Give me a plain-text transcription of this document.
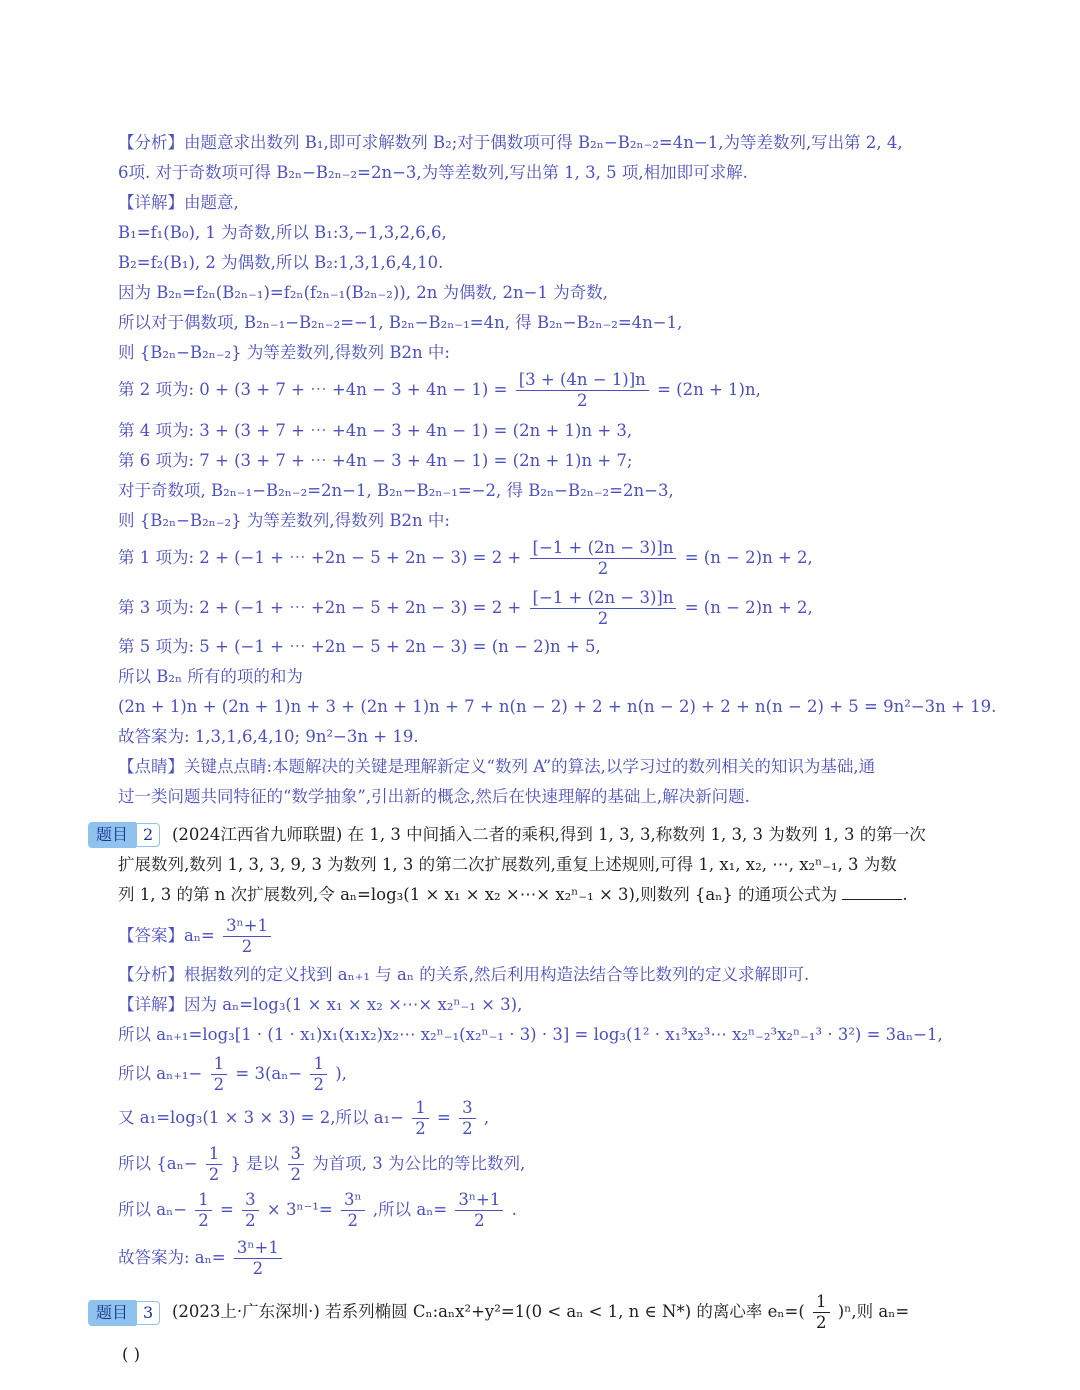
【分析】由题意求出数列 B₁,即可求解数列 B₂;对于偶数项可得 B₂ₙ−B₂ₙ₋₂=4n−1,为等差数列,写出第 2, 4,
6项. 对于奇数项可得 B₂ₙ−B₂ₙ₋₂=2n−3,为等差数列,写出第 1, 3, 5 项,相加即可求解.
【详解】由题意,
B₁=f₁(B₀), 1 为奇数,所以 B₁:3,−1,3,2,6,6,
B₂=f₂(B₁), 2 为偶数,所以 B₂:1,3,1,6,4,10.
因为 B₂ₙ=f₂ₙ(B₂ₙ₋₁)=f₂ₙ(f₂ₙ₋₁(B₂ₙ₋₂)), 2n 为偶数, 2n−1 为奇数,
所以对于偶数项, B₂ₙ₋₁−B₂ₙ₋₂=−1, B₂ₙ−B₂ₙ₋₁=4n, 得 B₂ₙ−B₂ₙ₋₂=4n−1,
则 {B₂ₙ−B₂ₙ₋₂} 为等差数列,得数列 B2n 中:
第 2 项为: 0 + (3 + 7 + ⋯ $+4n - 3 + 4n - 1) = \frac{[3 + (4n - 1)]n}{2} = (2n + 1)n$,
第 4 项为: 3 + (3 + 7 + ⋯ +4n − 3 + 4n − 1) = (2n + 1)n + 3,
第 6 项为: 7 + (3 + 7 + ⋯ +4n − 3 + 4n − 1) = (2n + 1)n + 7;
对于奇数项, B₂ₙ₋₁−B₂ₙ₋₂=2n−1, B₂ₙ−B₂ₙ₋₁=−2, 得 B₂ₙ−B₂ₙ₋₂=2n−3,
则 {B₂ₙ−B₂ₙ₋₂} 为等差数列,得数列 B2n 中:
第 1 项为: 2 + (−1 + ⋯ $+2n - 5 + 2n - 3) = 2 + \frac{[-1 + (2n - 3)]n}{2} = (n - 2)n + 2$,
第 3 项为: 2 + (−1 + ⋯ $+2n - 5 + 2n - 3) = 2 + \frac{[-1 + (2n - 3)]n}{2} = (n - 2)n + 2$,
第 5 项为: 5 + (−1 + ⋯ +2n − 5 + 2n − 3) = (n − 2)n + 5,
所以 B₂ₙ 所有的项的和为
(2n + 1)n + (2n + 1)n + 3 + (2n + 1)n + 7 + n(n − 2) + 2 + n(n − 2) + 2 + n(n − 2) + 5 = 9n²−3n + 19.
故答案为: 1,3,1,6,4,10; 9n²−3n + 19.
【点睛】关键点点睛:本题解决的关键是理解新定义“数列 A”的算法,以学习过的数列相关的知识为基础,通
过一类问题共同特征的“数学抽象”,引出新的概念,然后在快速理解的基础上,解决新问题.
题目 2	(2024江西省九师联盟) 在 1, 3 中间插入二者的乘积,得到 1, 3, 3,称数列 1, 3, 3 为数列 1, 3 的第一次
扩展数列,数列 1, 3, 3, 9, 3 为数列 1, 3 的第二次扩展数列,重复上述规则,可得 1, x₁, x₂, ⋯, x₂ⁿ₋₁, 3 为数
列 1, 3 的第 n 次扩展数列,令 aₙ=log₃(1 × x₁ × x₂ ×⋯× x₂ⁿ₋₁ × 3),则数列 {aₙ} 的通项公式为	.
【答案】$a_n= \frac{\text{3ⁿ+1}}{2}$
【分析】根据数列的定义找到 aₙ₊₁ 与 aₙ 的关系,然后利用构造法结合等比数列的定义求解即可.
【详解】因为 aₙ=log₃(1 × x₁ × x₂ ×⋯× x₂ⁿ₋₁ × 3),
所以 aₙ₊₁=log₃[1 · (1 · x₁)x₁(x₁x₂)x₂⋯ x₂ⁿ₋₁(x₂ⁿ₋₁ · 3) · 3] = log₃(1² · x₁³x₂³⋯ x₂ⁿ₋₂³x₂ⁿ₋₁³ · 3²) = 3aₙ−1,
所以 $a_{n+1}- \frac{1}{2} = 3(a_n- \frac{1}{2}$ ),
又 a₁=log₃(1 × 3 × 3) = 2,所以 $a_1- \frac{1}{2} = \frac{3}{2}$ ,
所以 {$a_n- \frac{1}{2}$ } 是以 $\frac{3}{2}$ 为首项, 3 为公比的等比数列,
所以 $a_n- \frac{1}{2} = \frac{3}{2} \times 3^{n-1}= \frac{\text{3ⁿ}}{2}$ ,所以 $a_n= \frac{\text{3ⁿ+1}}{2}$ .
故答案为: $a_n= \frac{\text{3ⁿ+1}}{2}$
题目 3	(2023上·广东深圳·) 若系列椭圆 Cₙ:aₙx²+y²=1(0 < aₙ < 1, n ∈ N*) 的离心率 $e_n=( \frac{1}{2} )^n$,则 aₙ=
( )
